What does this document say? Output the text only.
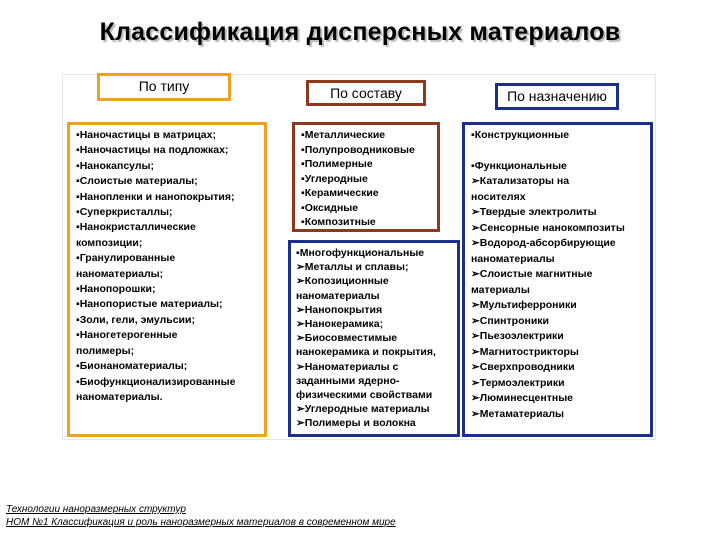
Классификация дисперсных материалов
По типу	По составу	По назначению
▪Наночастицы в матрицах;
▪Наночастицы на подложках;
▪Нанокапсулы;
▪Слоистые материалы;
▪Нанопленки и нанопокрытия;
▪Суперкристаллы;
▪Нанокристаллические
композиции;
▪Гранулированные
наноматериалы;
▪Нанопорошки;
▪Нанопористые материалы;
▪Золи, гели, эмульсии;
▪Наногетерогенные
полимеры;
▪Бионаноматериалы;
▪Биофункционализированные
наноматериалы.
▪Металлические
▪Полупроводниковые
▪Полимерные
▪Углеродные
▪Керамические
▪Оксидные
▪Композитные
▪Многофункциональные
➢Металлы и сплавы;
➢Копозиционные
наноматериалы
➢Нанопокрытия
➢Нанокерамика;
➢Биосовместимые
нанокерамика и покрытия,
➢Наноматериалы с
заданными ядерно-
физическими свойствами
➢Углеродные материалы
➢Полимеры и волокна
▪Конструкционные
▪Функциональные
➢Катализаторы на
носителях
➢Твердые электролиты
➢Сенсорные нанокомпозиты
➢Водород-абсорбирующие
наноматериалы
➢Слоистые магнитные
материалы
➢Мультиферроники
➢Спинтроники
➢Пьезоэлектрики
➢Магнитострикторы
➢Сверхпроводники
➢Термоэлектрики
➢Люминесцентные
➢Метаматериалы
Технологии наноразмерных структур
НОМ №1 Классификация и роль наноразмерных материалов в современном мире
